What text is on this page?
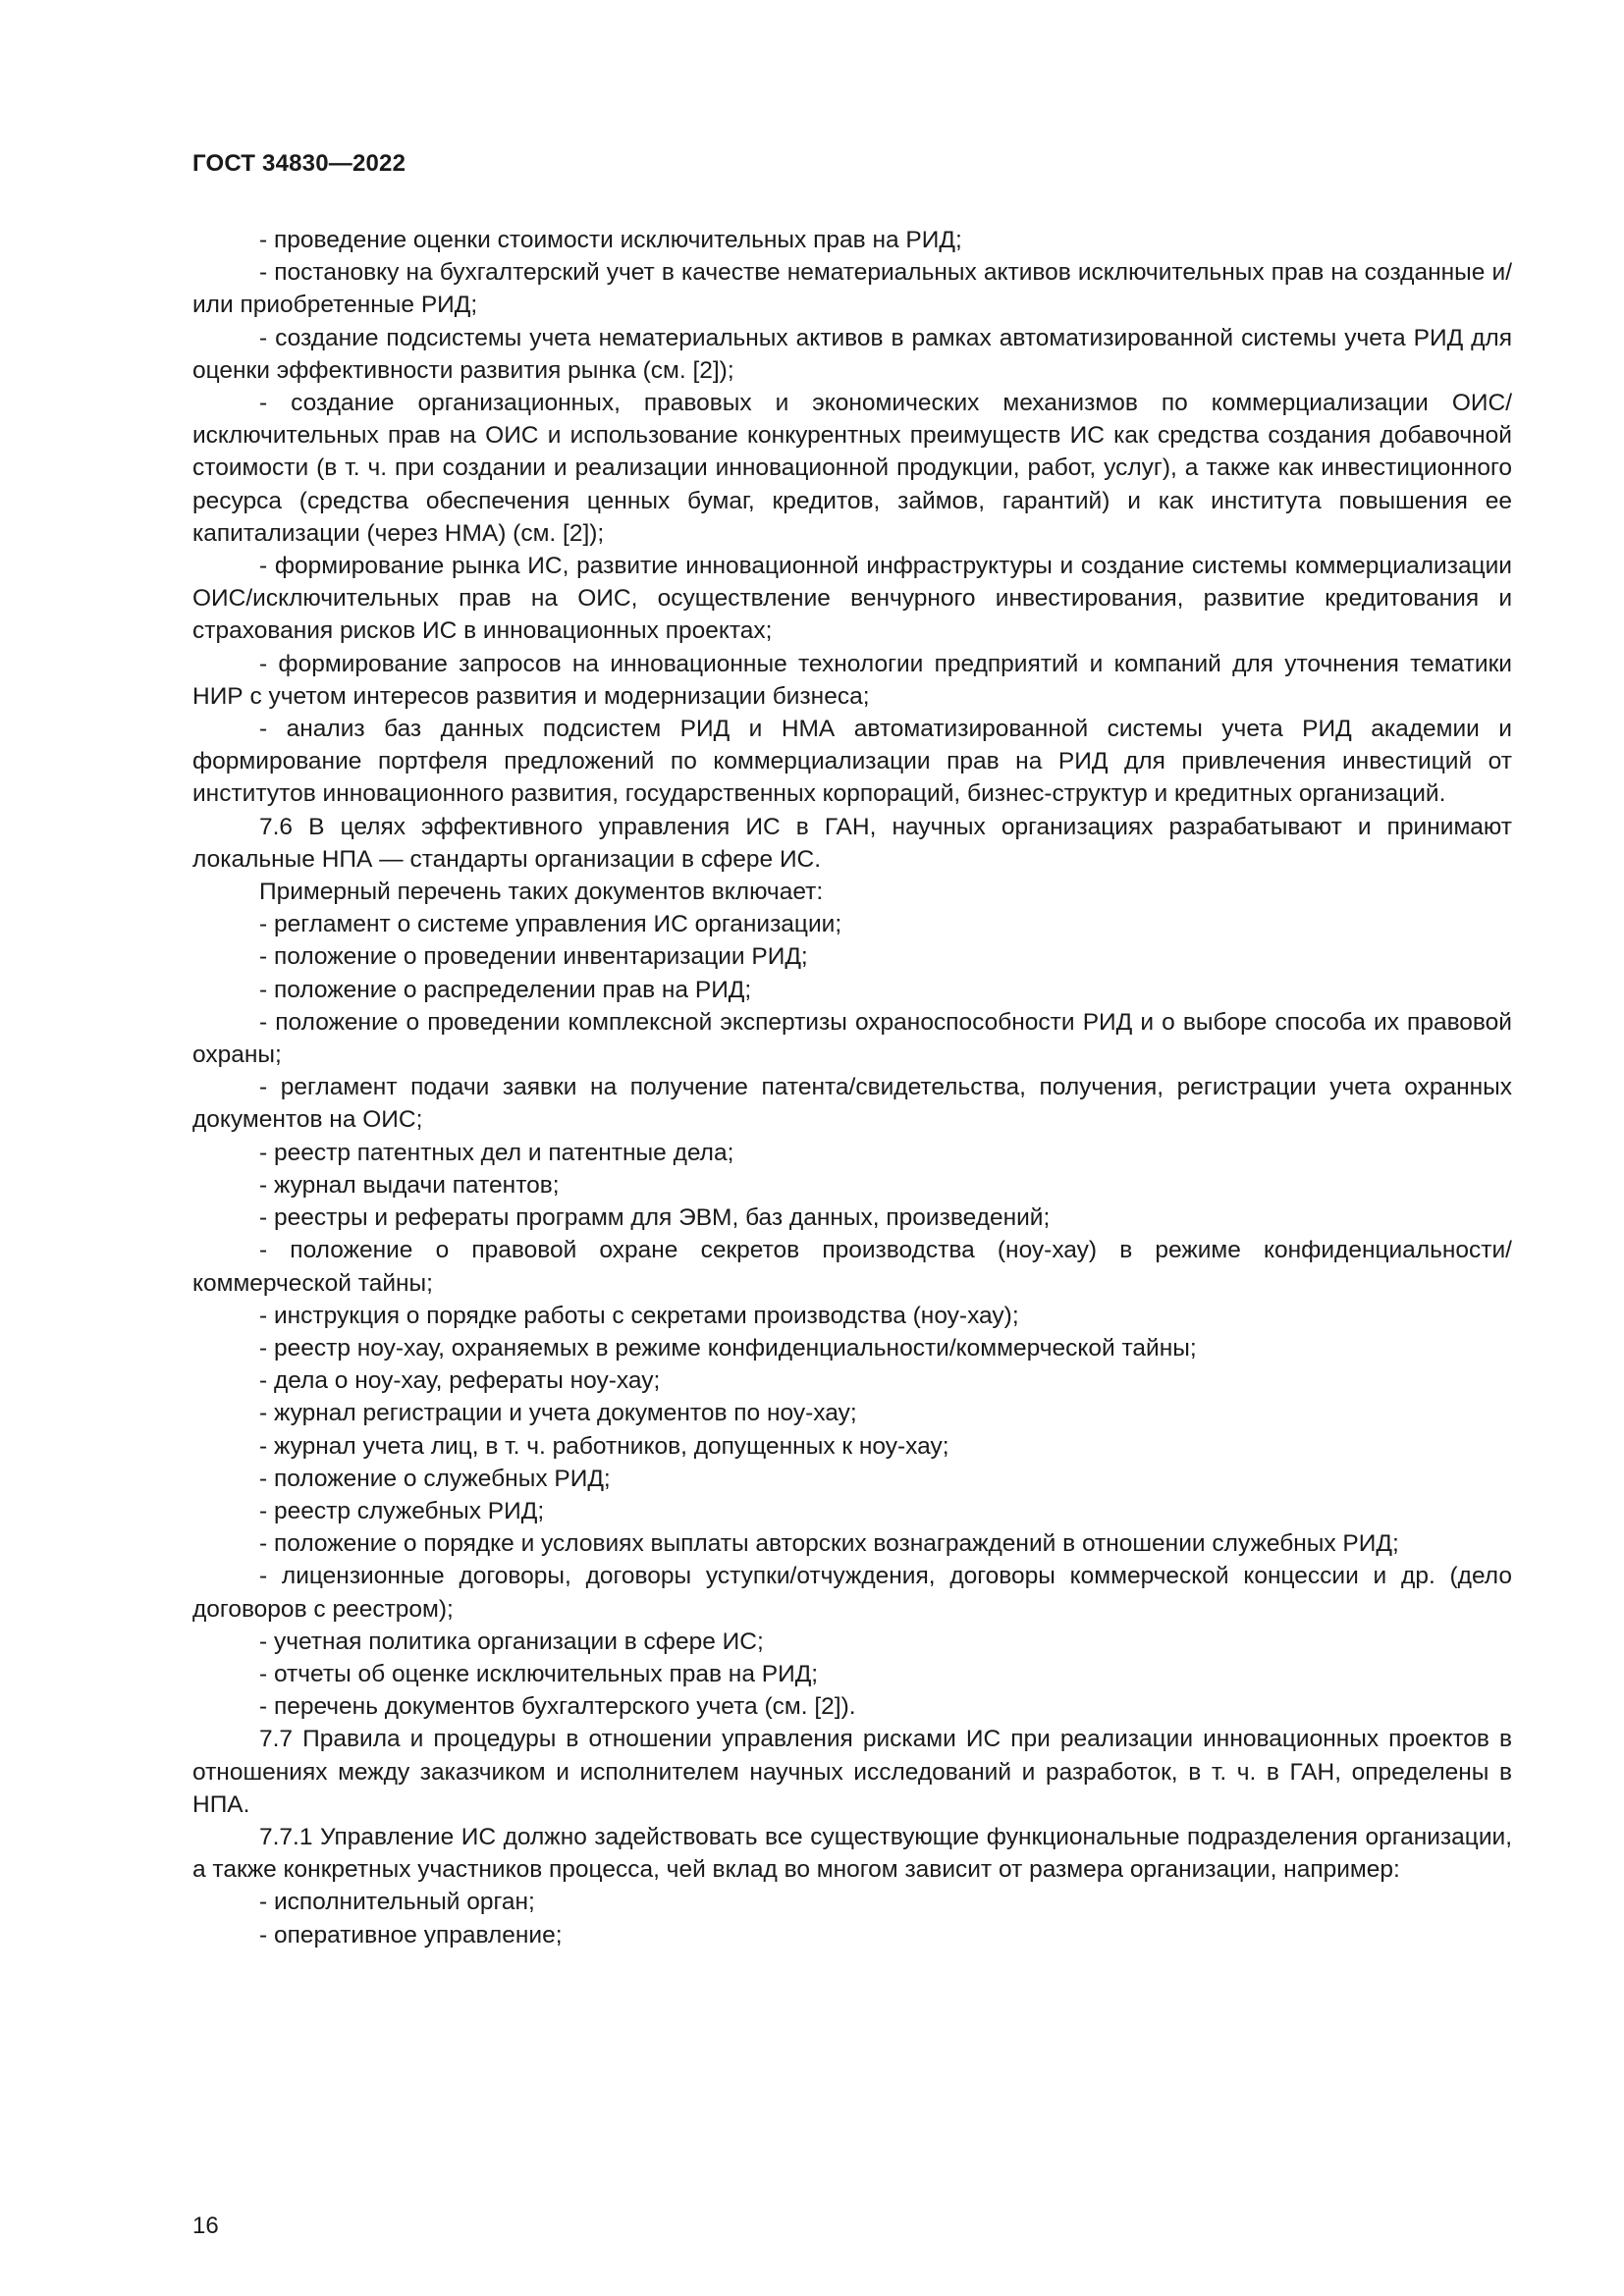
ГОСТ 34830—2022

- проведение оценки стоимости исключительных прав на РИД;

- постановку на бухгалтерский учет в качестве нематериальных активов исключительных прав на созданные и/или приобретенные РИД;

- создание подсистемы учета нематериальных активов в рамках автоматизированной системы учета РИД для оценки эффективности развития рынка (см. [2]);

- создание организационных, правовых и экономических механизмов по коммерциализации ОИС/исключительных прав на ОИС и использование конкурентных преимуществ ИС как средства создания добавочной стоимости (в т. ч. при создании и реализации инновационной продукции, работ, услуг), а также как инвестиционного ресурса (средства обеспечения ценных бумаг, кредитов, займов, гарантий) и как института повышения ее капитализации (через НМА) (см. [2]);

- формирование рынка ИС, развитие инновационной инфраструктуры и создание системы коммерциализации ОИС/исключительных прав на ОИС, осуществление венчурного инвестирования, развитие кредитования и страхования рисков ИС в инновационных проектах;

- формирование запросов на инновационные технологии предприятий и компаний для уточнения тематики НИР с учетом интересов развития и модернизации бизнеса;

- анализ баз данных подсистем РИД и НМА автоматизированной системы учета РИД академии и формирование портфеля предложений по коммерциализации прав на РИД для привлечения инвестиций от институтов инновационного развития, государственных корпораций, бизнес-структур и кредитных организаций.

7.6 В целях эффективного управления ИС в ГАН, научных организациях разрабатывают и принимают локальные НПА — стандарты организации в сфере ИС.

Примерный перечень таких документов включает:

- регламент о системе управления ИС организации;

- положение о проведении инвентаризации РИД;

- положение о распределении прав на РИД;

- положение о проведении комплексной экспертизы охраноспособности РИД и о выборе способа их правовой охраны;

- регламент подачи заявки на получение патента/свидетельства, получения, регистрации учета охранных документов на ОИС;

- реестр патентных дел и патентные дела;

- журнал выдачи патентов;

- реестры и рефераты программ для ЭВМ, баз данных, произведений;

- положение о правовой охране секретов производства (ноу-хау) в режиме конфиденциальности/ коммерческой тайны;

- инструкция о порядке работы с секретами производства (ноу-хау);

- реестр ноу-хау, охраняемых в режиме конфиденциальности/коммерческой тайны;

- дела о ноу-хау, рефераты ноу-хау;

- журнал регистрации и учета документов по ноу-хау;

- журнал учета лиц, в т. ч. работников, допущенных к ноу-хау;

- положение о служебных РИД;

- реестр служебных РИД;

- положение о порядке и условиях выплаты авторских вознаграждений в отношении служебных РИД;

- лицензионные договоры, договоры уступки/отчуждения, договоры коммерческой концессии и др. (дело договоров с реестром);

- учетная политика организации в сфере ИС;

- отчеты об оценке исключительных прав на РИД;

- перечень документов бухгалтерского учета (см. [2]).

7.7 Правила и процедуры в отношении управления рисками ИС при реализации инновационных проектов в отношениях между заказчиком и исполнителем научных исследований и разработок, в т. ч. в ГАН, определены в НПА.

7.7.1 Управление ИС должно задействовать все существующие функциональные подразделения организации, а также конкретных участников процесса, чей вклад во многом зависит от размера организации, например:

- исполнительный орган;

- оперативное управление;

16
